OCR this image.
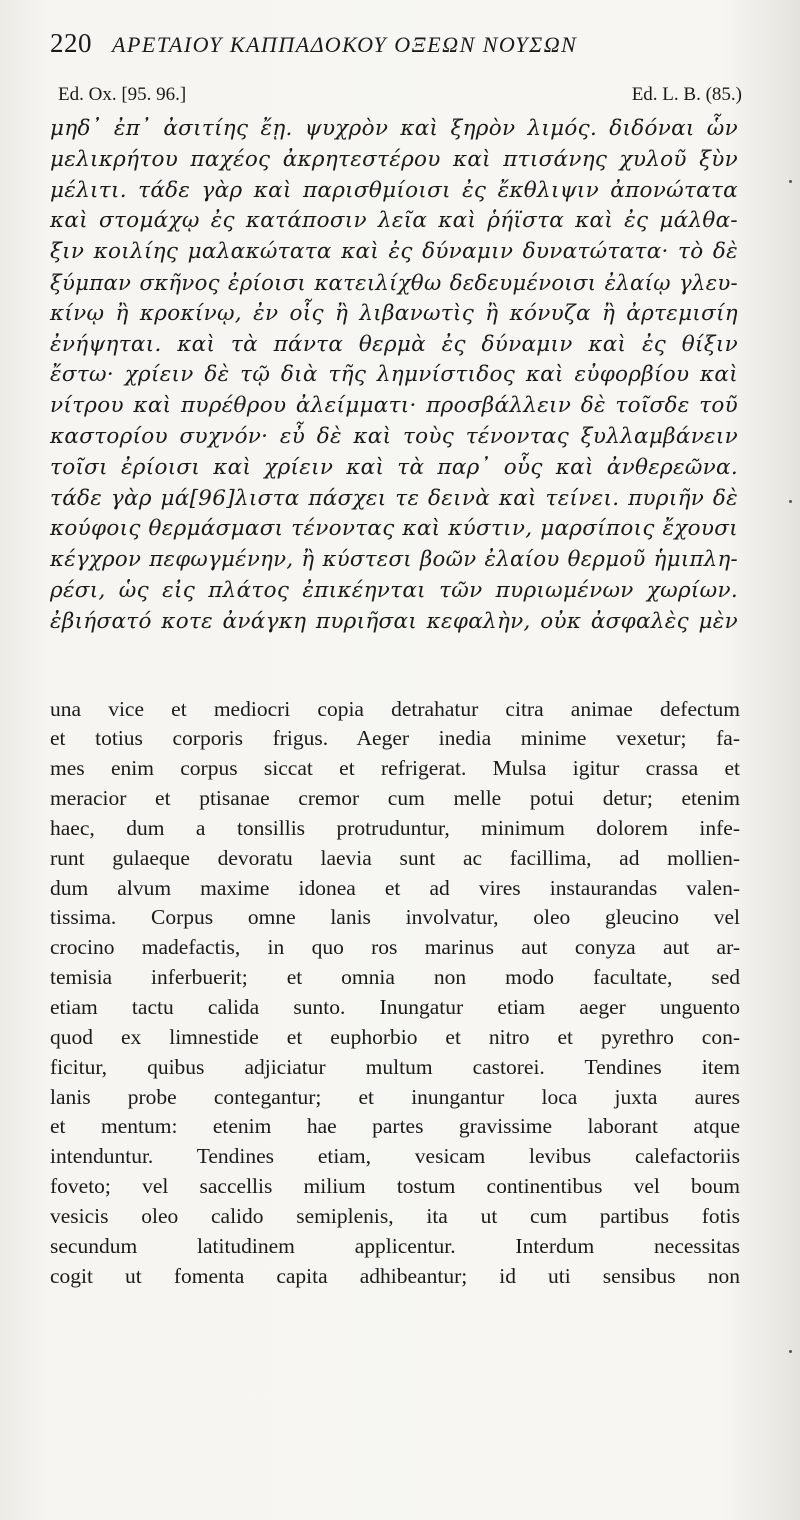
220 ΑΡΕΤΑΙΟΥ ΚΑΠΠΑΔΟΚΟΥ ΟΞΕΩΝ ΝΟΥΣΩΝ
Ed. Ox. [95. 96.]	Ed. L. B. (85.)
μηδ᾽ ἐπ᾽ ἀσιτίης ἔῃ. ψυχρὸν καὶ ξηρὸν λιμός. διδόναι ὧν
μελικρήτου παχέος ἀκρητεστέρου καὶ πτισάνης χυλοῦ ξὺν
μέλιτι. τάδε γὰρ καὶ παρισθμίοισι ἐς ἔκθλιψιν ἀπονώτατα
καὶ στομάχῳ ἐς κατάποσιν λεῖα καὶ ῥήϊστα καὶ ἐς μάλθα-
ξιν κοιλίης μαλακώτατα καὶ ἐς δύναμιν δυνατώτατα· τὸ δὲ
ξύμπαν σκῆνος ἐρίοισι κατειλίχθω δεδευμένοισι ἐλαίῳ γλευ-
κίνῳ ἢ κροκίνῳ, ἐν οἷς ἢ λιβανωτὶς ἢ κόνυζα ἢ ἀρτεμισίη
ἐνήψηται. καὶ τὰ πάντα θερμὰ ἐς δύναμιν καὶ ἐς θίξιν
ἔστω· χρίειν δὲ τῷ διὰ τῆς λημνίστιδος καὶ εὐφορβίου καὶ
νίτρου καὶ πυρέθρου ἀλείμματι· προσβάλλειν δὲ τοῖσδε τοῦ
καστορίου συχνόν· εὖ δὲ καὶ τοὺς τένοντας ξυλλαμβάνειν
τοῖσι ἐρίοισι καὶ χρίειν καὶ τὰ παρ᾽ οὗς καὶ ἀνθερεῶνα.
τάδε γὰρ μά[96]λιστα πάσχει τε δεινὰ καὶ τείνει. πυριῆν δὲ
κούφοις θερμάσμασι τένοντας καὶ κύστιν, μαρσίποις ἔχουσι
κέγχρον πεφωγμένην, ἢ κύστεσι βοῶν ἐλαίου θερμοῦ ἡμιπλη-
ρέσι, ὡς εἰς πλάτος ἐπικέηνται τῶν πυριωμένων χωρίων.
ἐβιήσατό κοτε ἀνάγκη πυριῆσαι κεφαλὴν, οὐκ ἀσφαλὲς μὲν
una vice et mediocri copia detrahatur citra animae defectum
et totius corporis frigus. Aeger inedia minime vexetur; fa-
mes enim corpus siccat et refrigerat. Mulsa igitur crassa et
meracior et ptisanae cremor cum melle potui detur; etenim
haec, dum a tonsillis protruduntur, minimum dolorem infe-
runt gulaeque devoratu laevia sunt ac facillima, ad mollien-
dum alvum maxime idonea et ad vires instaurandas valen-
tissima. Corpus omne lanis involvatur, oleo gleucino vel
crocino madefactis, in quo ros marinus aut conyza aut ar-
temisia inferbuerit; et omnia non modo facultate, sed
etiam tactu calida sunto. Inungatur etiam aeger unguento
quod ex limnestide et euphorbio et nitro et pyrethro con-
ficitur, quibus adjiciatur multum castorei. Tendines item
lanis probe contegantur; et inungantur loca juxta aures
et mentum: etenim hae partes gravissime laborant atque
intenduntur. Tendines etiam, vesicam levibus calefactoriis
foveto; vel saccellis milium tostum continentibus vel boum
vesicis oleo calido semiplenis, ita ut cum partibus fotis
secundum latitudinem applicentur. Interdum necessitas
cogit ut fomenta capita adhibeantur; id uti sensibus non
